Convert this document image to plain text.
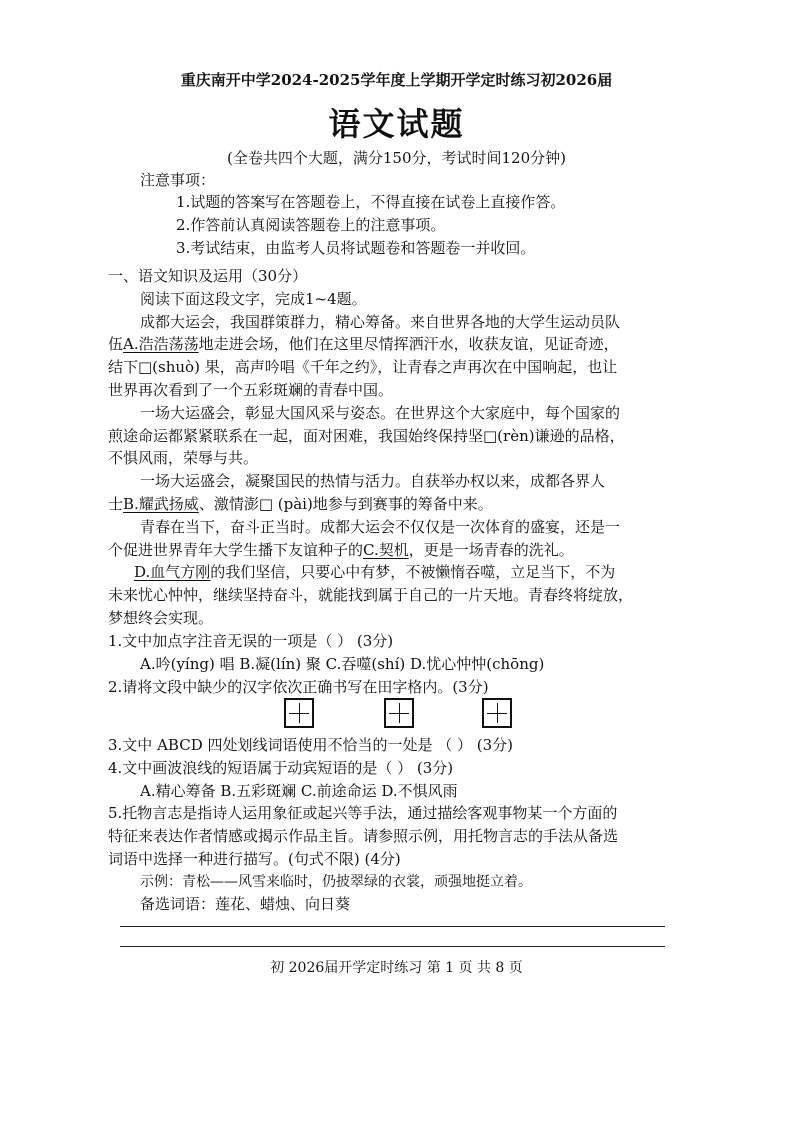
重庆南开中学2024-2025学年度上学期开学定时练习初2026届
语文试题
(全卷共四个大题，满分150分，考试时间120分钟)
注意事项：
1.试题的答案写在答题卷上，不得直接在试卷上直接作答。
2.作答前认真阅读答题卷上的注意事项。
3.考试结束，由监考人员将试题卷和答题卷一并收回。
一、语文知识及运用（30分）
阅读下面这段文字，完成1~4题。
成都大运会，我国群策群力，精心筹备。来自世界各地的大学生运动员队
伍A.浩浩荡荡地走进会场，他们在这里尽情挥洒汗水，收获友谊，见证奇迹，
结下□(shuò) 果，高声吟唱《千年之约》，让青春之声再次在中国响起，也让
世界再次看到了一个五彩斑斓的青春中国。
一场大运盛会，彰显大国风采与姿态。在世界这个大家庭中，每个国家的
煎途命运都紧紧联系在一起，面对困难，我国始终保持坚□(rèn)谦逊的品格，
不惧风雨，荣辱与共。
一场大运盛会，凝聚国民的热情与活力。自获举办权以来，成都各界人
士B.耀武扬威、激情澎□ (pài)地参与到赛事的筹备中来。
青春在当下，奋斗正当时。成都大运会不仅仅是一次体育的盛宴，还是一
个促进世界青年大学生播下友谊种子的C.契机，更是一场青春的洗礼。
D.血气方刚的我们坚信，只要心中有梦，不被懒惰吞噬，立足当下，不为
未来忧心忡忡，继续坚持奋斗，就能找到属于自己的一片天地。青春终将绽放，
梦想终会实现。
1.文中加点字注音无误的一项是（ ） (3分)
A.吟(yíng) 唱 B.凝(lín) 聚 C.吞噬(shí) D.忧心忡忡(chōng)
2.请将文段中缺少的汉字依次正确书写在田字格内。(3分)
3.文中 ABCD 四处划线词语使用不恰当的一处是 （ ） (3分)
4.文中画波浪线的短语属于动宾短语的是（ ） (3分)
A.精心筹备 B.五彩斑斓 C.前途命运 D.不惧风雨
5.托物言志是指诗人运用象征或起兴等手法，通过描绘客观事物某一个方面的
特征来表达作者情感或揭示作品主旨。请参照示例，用托物言志的手法从备选
词语中选择一种进行描写。(句式不限) (4分)
示例：青松——风雪来临时，仍披翠绿的衣裳，顽强地挺立着。
备选词语：莲花、蜡烛、向日葵
初 2026届开学定时练习 第 1 页 共 8 页
